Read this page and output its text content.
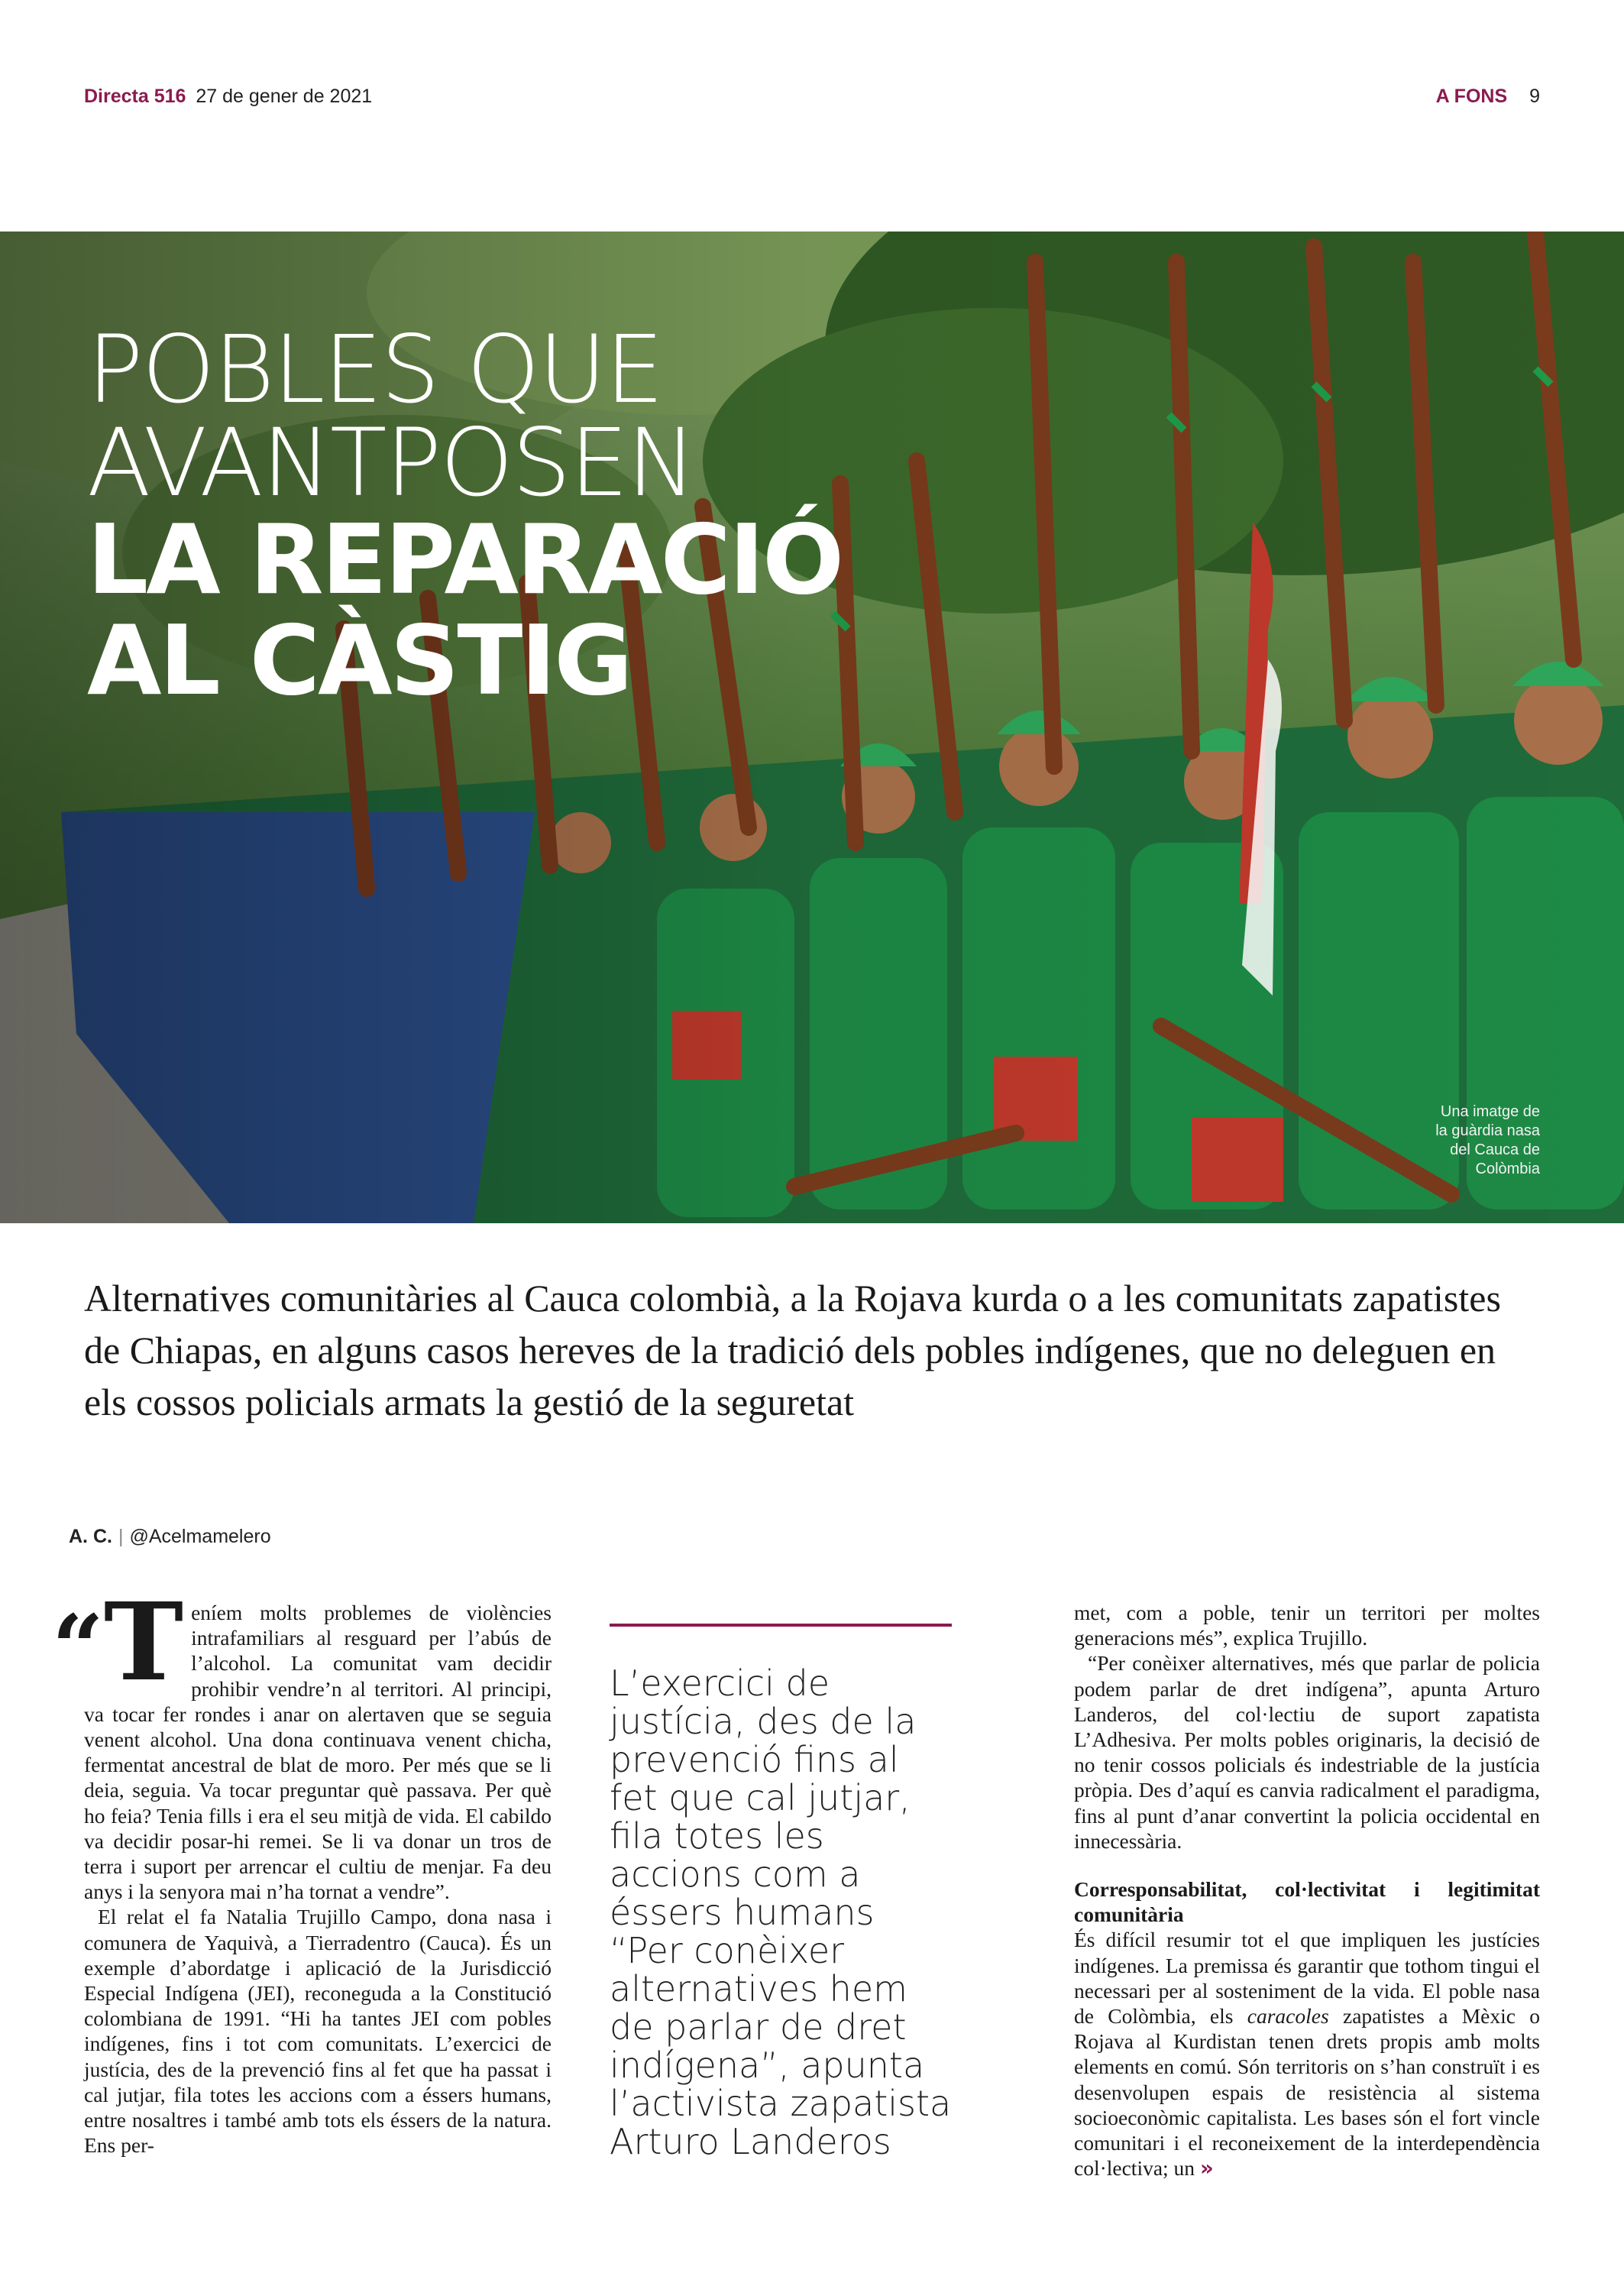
Directa 516 27 de gener de 2021	A FONS 9
POBLES QUE
AVANTPOSEN
LA REPARACIÓ
AL CÀSTIG
Una imatge de la guàrdia nasa del Cauca de Colòmbia
Alternatives comunitàries al Cauca colombià, a la Rojava kurda o a les comunitats zapatistes de Chiapas, en alguns casos hereves de la tradició dels pobles indígenes, que no deleguen en els cossos policials armats la gestió de la seguretat
A. C. | @Acelmamelero

“T eníem molts problemes de violències intrafamiliars al resguard per l’abús de l’alcohol. La comunitat vam decidir prohibir vendre’n al territori. Al principi, va tocar fer rondes i anar on alertaven que se seguia venent alcohol. Una dona continuava venent chicha, fermentat ancestral de blat de moro. Per més que se li deia, seguia. Va tocar preguntar què passava. Per què ho feia? Tenia fills i era el seu mitjà de vida. El cabildo va decidir posar-hi remei. Se li va donar un tros de terra i suport per arrencar el cultiu de menjar. Fa deu anys i la senyora mai n’ha tornat a vendre”.

El relat el fa Natalia Trujillo Campo, dona nasa i comunera de Yaquivà, a Tierradentro (Cauca). És un exemple d’abordatge i aplicació de la Jurisdicció Especial Indígena (JEI), reconeguda a la Constitució colombiana de 1991. “Hi ha tantes JEI com pobles indígenes, fins i tot com comunitats. L’exercici de justícia, des de la prevenció fins al fet que ha passat i cal jutjar, fila totes les accions com a éssers humans, entre nosaltres i també amb tots els éssers de la natura. Ens per-

L’exercici de justícia, des de la prevenció fins al fet que cal jutjar, fila totes les accions com a éssers humans

“Per conèixer alternatives hem de parlar de dret indígena”, apunta l’activista zapatista Arturo Landeros

met, com a poble, tenir un territori per moltes generacions més”, explica Trujillo.

“Per conèixer alternatives, més que parlar de policia podem parlar de dret indígena”, apunta Arturo Landeros, del col·lectiu de suport zapatista L’Adhesiva. Per molts pobles originaris, la decisió de no tenir cossos policials és indestriable de la justícia pròpia. Des d’aquí es canvia radicalment el paradigma, fins al punt d’anar convertint la policia occidental en innecessària.

Corresponsabilitat, col·lectivitat i legitimitat comunitària

És difícil resumir tot el que impliquen les justícies indígenes. La premissa és garantir que tothom tingui el necessari per al sosteniment de la vida. El poble nasa de Colòmbia, els caracoles zapatistes a Mèxic o Rojava al Kurdistan tenen drets propis amb molts elements en comú. Són territoris on s’han construït i es desenvolupen espais de resistència al sistema socioeconòmic capitalista. Les bases són el fort vincle comunitari i el reconeixement de la interdependència col·lectiva; un »
